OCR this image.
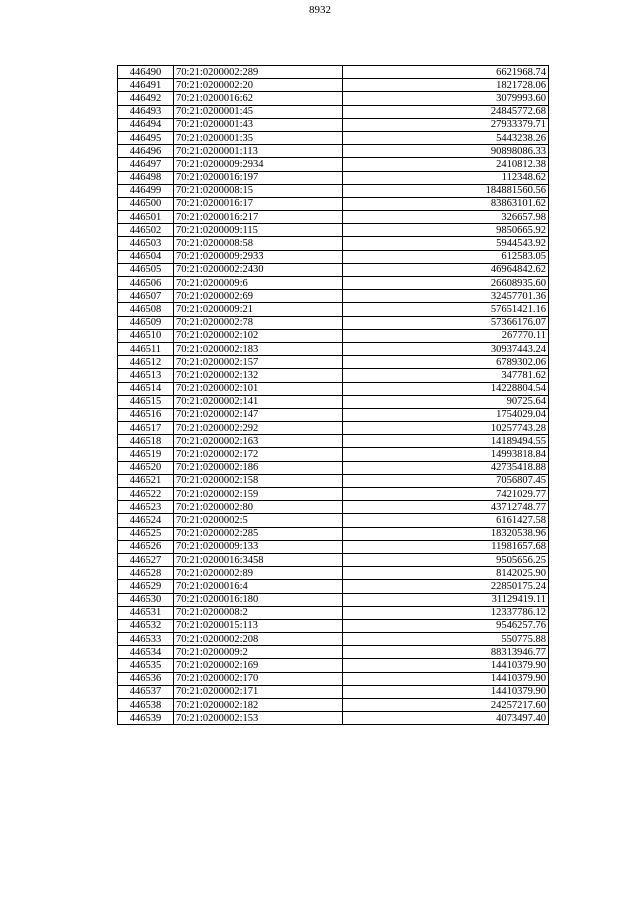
8932
446490	70:21:0200002:289	6621968.74
446491	70:21:0200002:20	1821728.06
446492	70:21:0200016:62	3079993.60
446493	70:21:0200001:45	24845772.68
446494	70:21:0200001:43	27933379.71
446495	70:21:0200001:35	5443238.26
446496	70:21:0200001:113	90898086.33
446497	70:21:0200009:2934	2410812.38
446498	70:21:0200016:197	112348.62
446499	70:21:0200008:15	184881560.56
446500	70:21:0200016:17	83863101.62
446501	70:21:0200016:217	326657.98
446502	70:21:0200009:115	9850665.92
446503	70:21:0200008:58	5944543.92
446504	70:21:0200009:2933	612583.05
446505	70:21:0200002:2430	46964842.62
446506	70:21:0200009:6	26608935.60
446507	70:21:0200002:69	32457701.36
446508	70:21:0200009:21	57651421.16
446509	70:21:0200002:78	57366176.07
446510	70:21:0200002:102	267770.11
446511	70:21:0200002:183	30937443.24
446512	70:21:0200002:157	6789302.06
446513	70:21:0200002:132	347781.62
446514	70:21:0200002:101	14228804.54
446515	70:21:0200002:141	90725.64
446516	70:21:0200002:147	1754029.04
446517	70:21:0200002:292	10257743.28
446518	70:21:0200002:163	14189494.55
446519	70:21:0200002:172	14993818.84
446520	70:21:0200002:186	42735418.88
446521	70:21:0200002:158	7056807.45
446522	70:21:0200002:159	7421029.77
446523	70:21:0200002:80	43712748.77
446524	70:21:0200002:5	6161427.58
446525	70:21:0200002:285	18320538.96
446526	70:21:0200009:133	11981657.68
446527	70:21:0200016:3458	9505656.25
446528	70:21:0200002:89	8142025.90
446529	70:21:0200016:4	22850175.24
446530	70:21:0200016:180	31129419.11
446531	70:21:0200008:2	12337786.12
446532	70:21:0200015:113	9546257.76
446533	70:21:0200002:208	550775.88
446534	70:21:0200009:2	88313946.77
446535	70:21:0200002:169	14410379.90
446536	70:21:0200002:170	14410379.90
446537	70:21:0200002:171	14410379.90
446538	70:21:0200002:182	24257217.60
446539	70:21:0200002:153	4073497.40
